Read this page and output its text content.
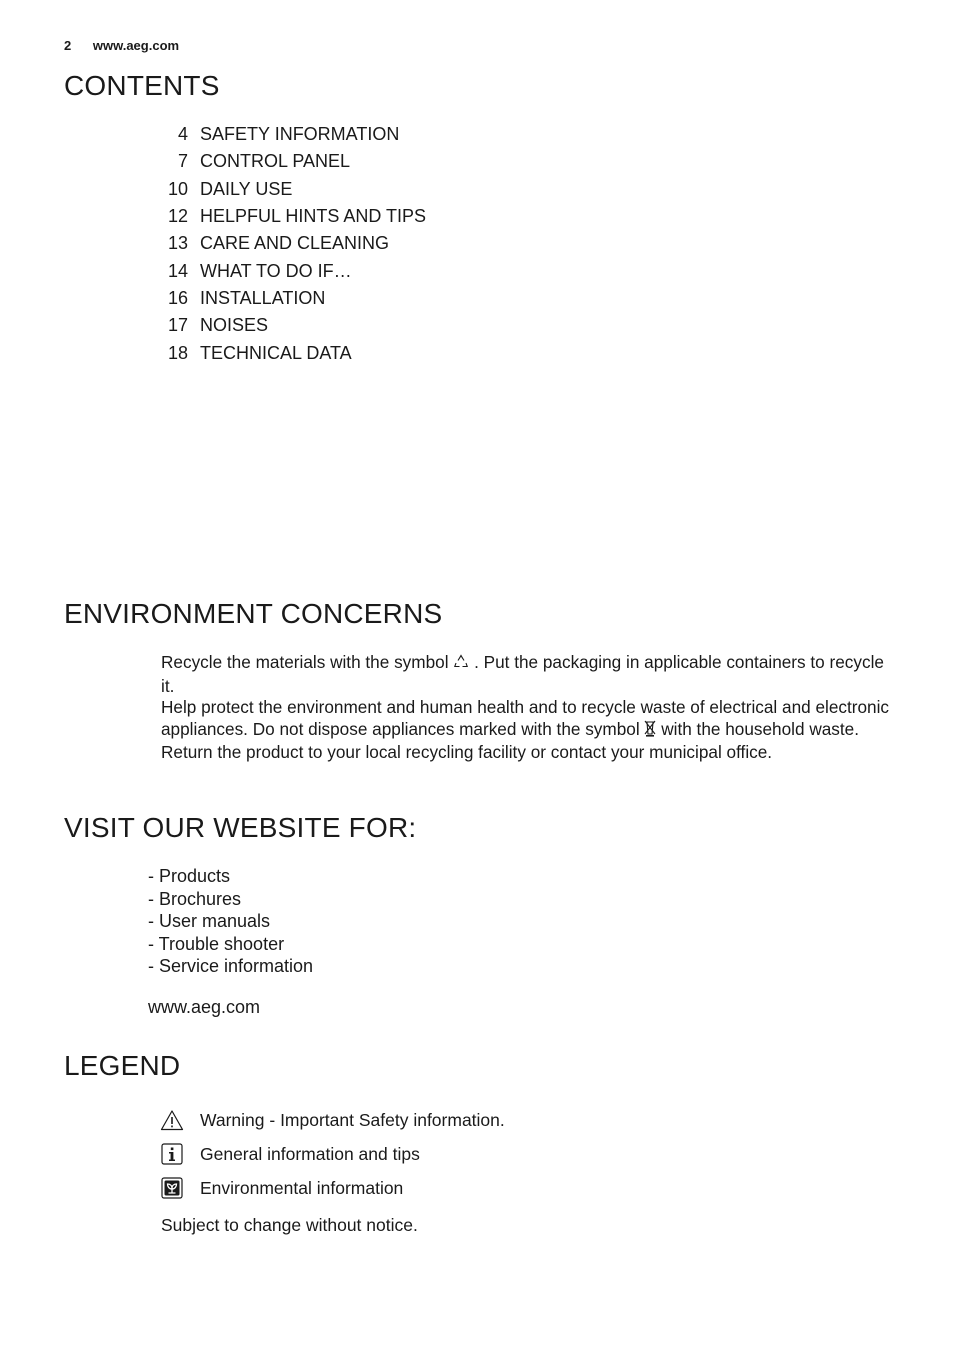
2 www.aeg.com
CONTENTS
4 SAFETY INFORMATION
7 CONTROL PANEL
10 DAILY USE
12 HELPFUL HINTS AND TIPS
13 CARE AND CLEANING
14 WHAT TO DO IF…
16 INSTALLATION
17 NOISES
18 TECHNICAL DATA
ENVIRONMENT CONCERNS

Recycle the materials with the symbol  . Put the packaging in applicable containers to recycle it.

Help protect the environment and human health and to recycle waste of electrical and electronic appliances. Do not dispose appliances marked with the symbol  with the household waste. Return the product to your local recycling facility or contact your municipal office.

VISIT OUR WEBSITE FOR:
- Products
- Brochures
- User manuals
- Trouble shooter
- Service information
www.aeg.com
LEGEND
Warning - Important Safety information.
General information and tips
Environmental information
Subject to change without notice.
